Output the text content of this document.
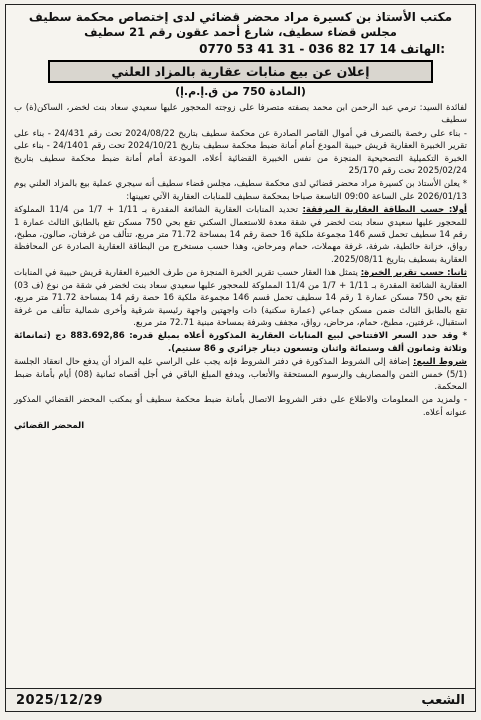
مكتب الأستاذ بن كسيرة مراد محضر قضائي لدى إختصاص محكمة سطيف
مجلس قضاء سطيف، شارع أحمد عقون رقم 21 سطيف
0770 53 41 31 - 036 82 17 14 الهاتف:
إعلان عن بيع منابات عقارية بالمزاد العلني
(المادة 750 من ق.إ.م.إ)

لفائدة السيد: ترمي عبد الرحمن ابن محمد بصفته متصرفا على زوجته المحجور عليها سعيدي سعاد بنت لخضر، الساكن(ة) ب سطيف

- بناء على رخصة بالتصرف في أموال القاصر الصادرة عن محكمة سطيف بتاريخ 2024/08/22 تحت رقم 24/431 - بناء على تقرير الخبيرة العقارية قريش حبيبة المودع أمام أمانة ضبط محكمة سطيف بتاريخ 2024/10/21 تحت رقم 24/1401 - بناء على الخبرة التكميلية التصحيحية المنجزة من نفس الخبيرة القضائية أعلاه، المودعة أمام أمانة ضبط محكمة سطيف بتاريخ 2025/02/24 تحت رقم 25/170

* يعلن الأستاذ بن كسيرة مراد محضر قضائي لدى محكمة سطيف، مجلس قضاء سطيف أنه سيجري عملية بيع بالمزاد العلني يوم 2026/01/13 على الساعة 09:00 التاسعة صباحا بمحكمة سطيف للمنابات العقارية الآتي تعيينها:

أولا: حسب البطاقة العقارية المرفقة: تحديد المنابات العقارية الشائعة المقدرة بـ 1/11 + 1/7 من 11/4 المملوكة للمحجور عليها سعيدي سعاد بنت لخضر في شقة معدة للاستعمال السكني تقع بحي 750 مسكن تقع بالطابق الثالث عمارة 1 رقم 14 سطيف تحمل قسم 146 مجموعة ملكية 16 حصة رقم 14 بمساحة 71.72 متر مربع، تتألف من غرفتان، صالون، مطبخ، رواق، خزانة حائطية، شرفة، غرفة مهملات، حمام ومرحاض، وهذا حسب مستخرج من البطاقة العقارية الصادرة عن المحافظة العقارية بسطيف بتاريخ 2025/08/11.

ثانيا: حسب تقرير الخبرة: يتمثل هذا العقار حسب تقرير الخبرة المنجزة من طرف الخبيرة العقارية قريش حبيبة في المنابات العقارية الشائعة المقدرة بـ 1/11 + 1/7 من 11/4 المملوكة للمحجور عليها سعيدي سعاد بنت لخضر في شقة من نوع (ف 03) تقع بحي 750 مسكن عمارة 1 رقم 14 سطيف تحمل قسم 146 مجموعة ملكية 16 حصة رقم 14 بمساحة 71.72 متر مربع، تقع بالطابق الثالث ضمن مسكن جماعي (عمارة سكنية) ذات واجهتين واجهة رئيسية شرقية وأخرى شمالية تتألف من غرفة استقبال، غرفتين، مطبخ، حمام، مرحاض، رواق، مجفف وشرفة بمساحة مبنية 72.71 متر مربع.

* وقد حدد السعر الافتتاحي لبيع المنابات العقارية المذكورة أعلاه بمبلغ قدره: 883.692,86 دج (ثمانمائة وثلاثة وثمانون ألف وستمائة واثنان وتسعون دينار جزائري و 86 سنتيم).

شروط البيع: إضافة إلى الشروط المذكورة في دفتر الشروط فإنه يجب على الراسي عليه المزاد أن يدفع حال انعقاد الجلسة (5/1) خمس الثمن والمصاريف والرسوم المستحقة والأتعاب، ويدفع المبلغ الباقي في أجل أقصاه ثمانية (08) أيام بأمانة ضبط المحكمة.

- ولمزيد من المعلومات والاطلاع على دفتر الشروط الاتصال بأمانة ضبط محكمة سطيف أو بمكتب المحضر القضائي المذكور عنوانه أعلاه.

المحضر القضائي
2025/12/29	الشعب
